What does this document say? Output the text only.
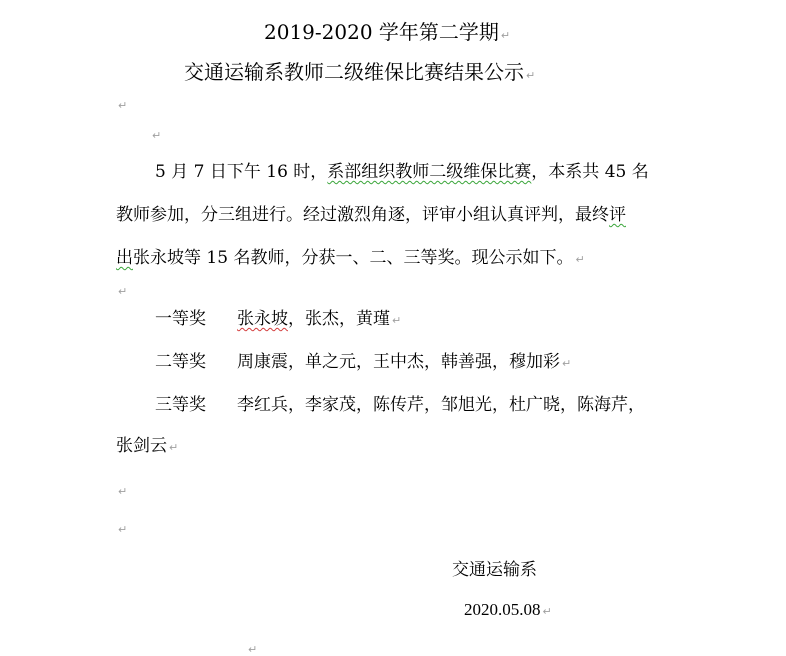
2019-2020 学年第二学期 ↵
交通运输系教师二级维保比赛结果公示 ↵
↵
↵
5 月 7 日下午 16 时，系部组织教师二级维保比赛，本系共 45 名
教师参加，分三组进行。经过激烈角逐，评审小组认真评判，最终评
出张永坡等 15 名教师，分获一、二、三等奖。现公示如下。 ↵
↵
一等奖 张永坡，张杰，黄瑾 ↵
二等奖 周康震，单之元，王中杰，韩善强，穆加彩 ↵
三等奖 李红兵，李家茂，陈传芹，邹旭光，杜广晓，陈海芹，
张剑云 ↵
↵
↵
交通运输系
2020.05.08 ↵
↵
